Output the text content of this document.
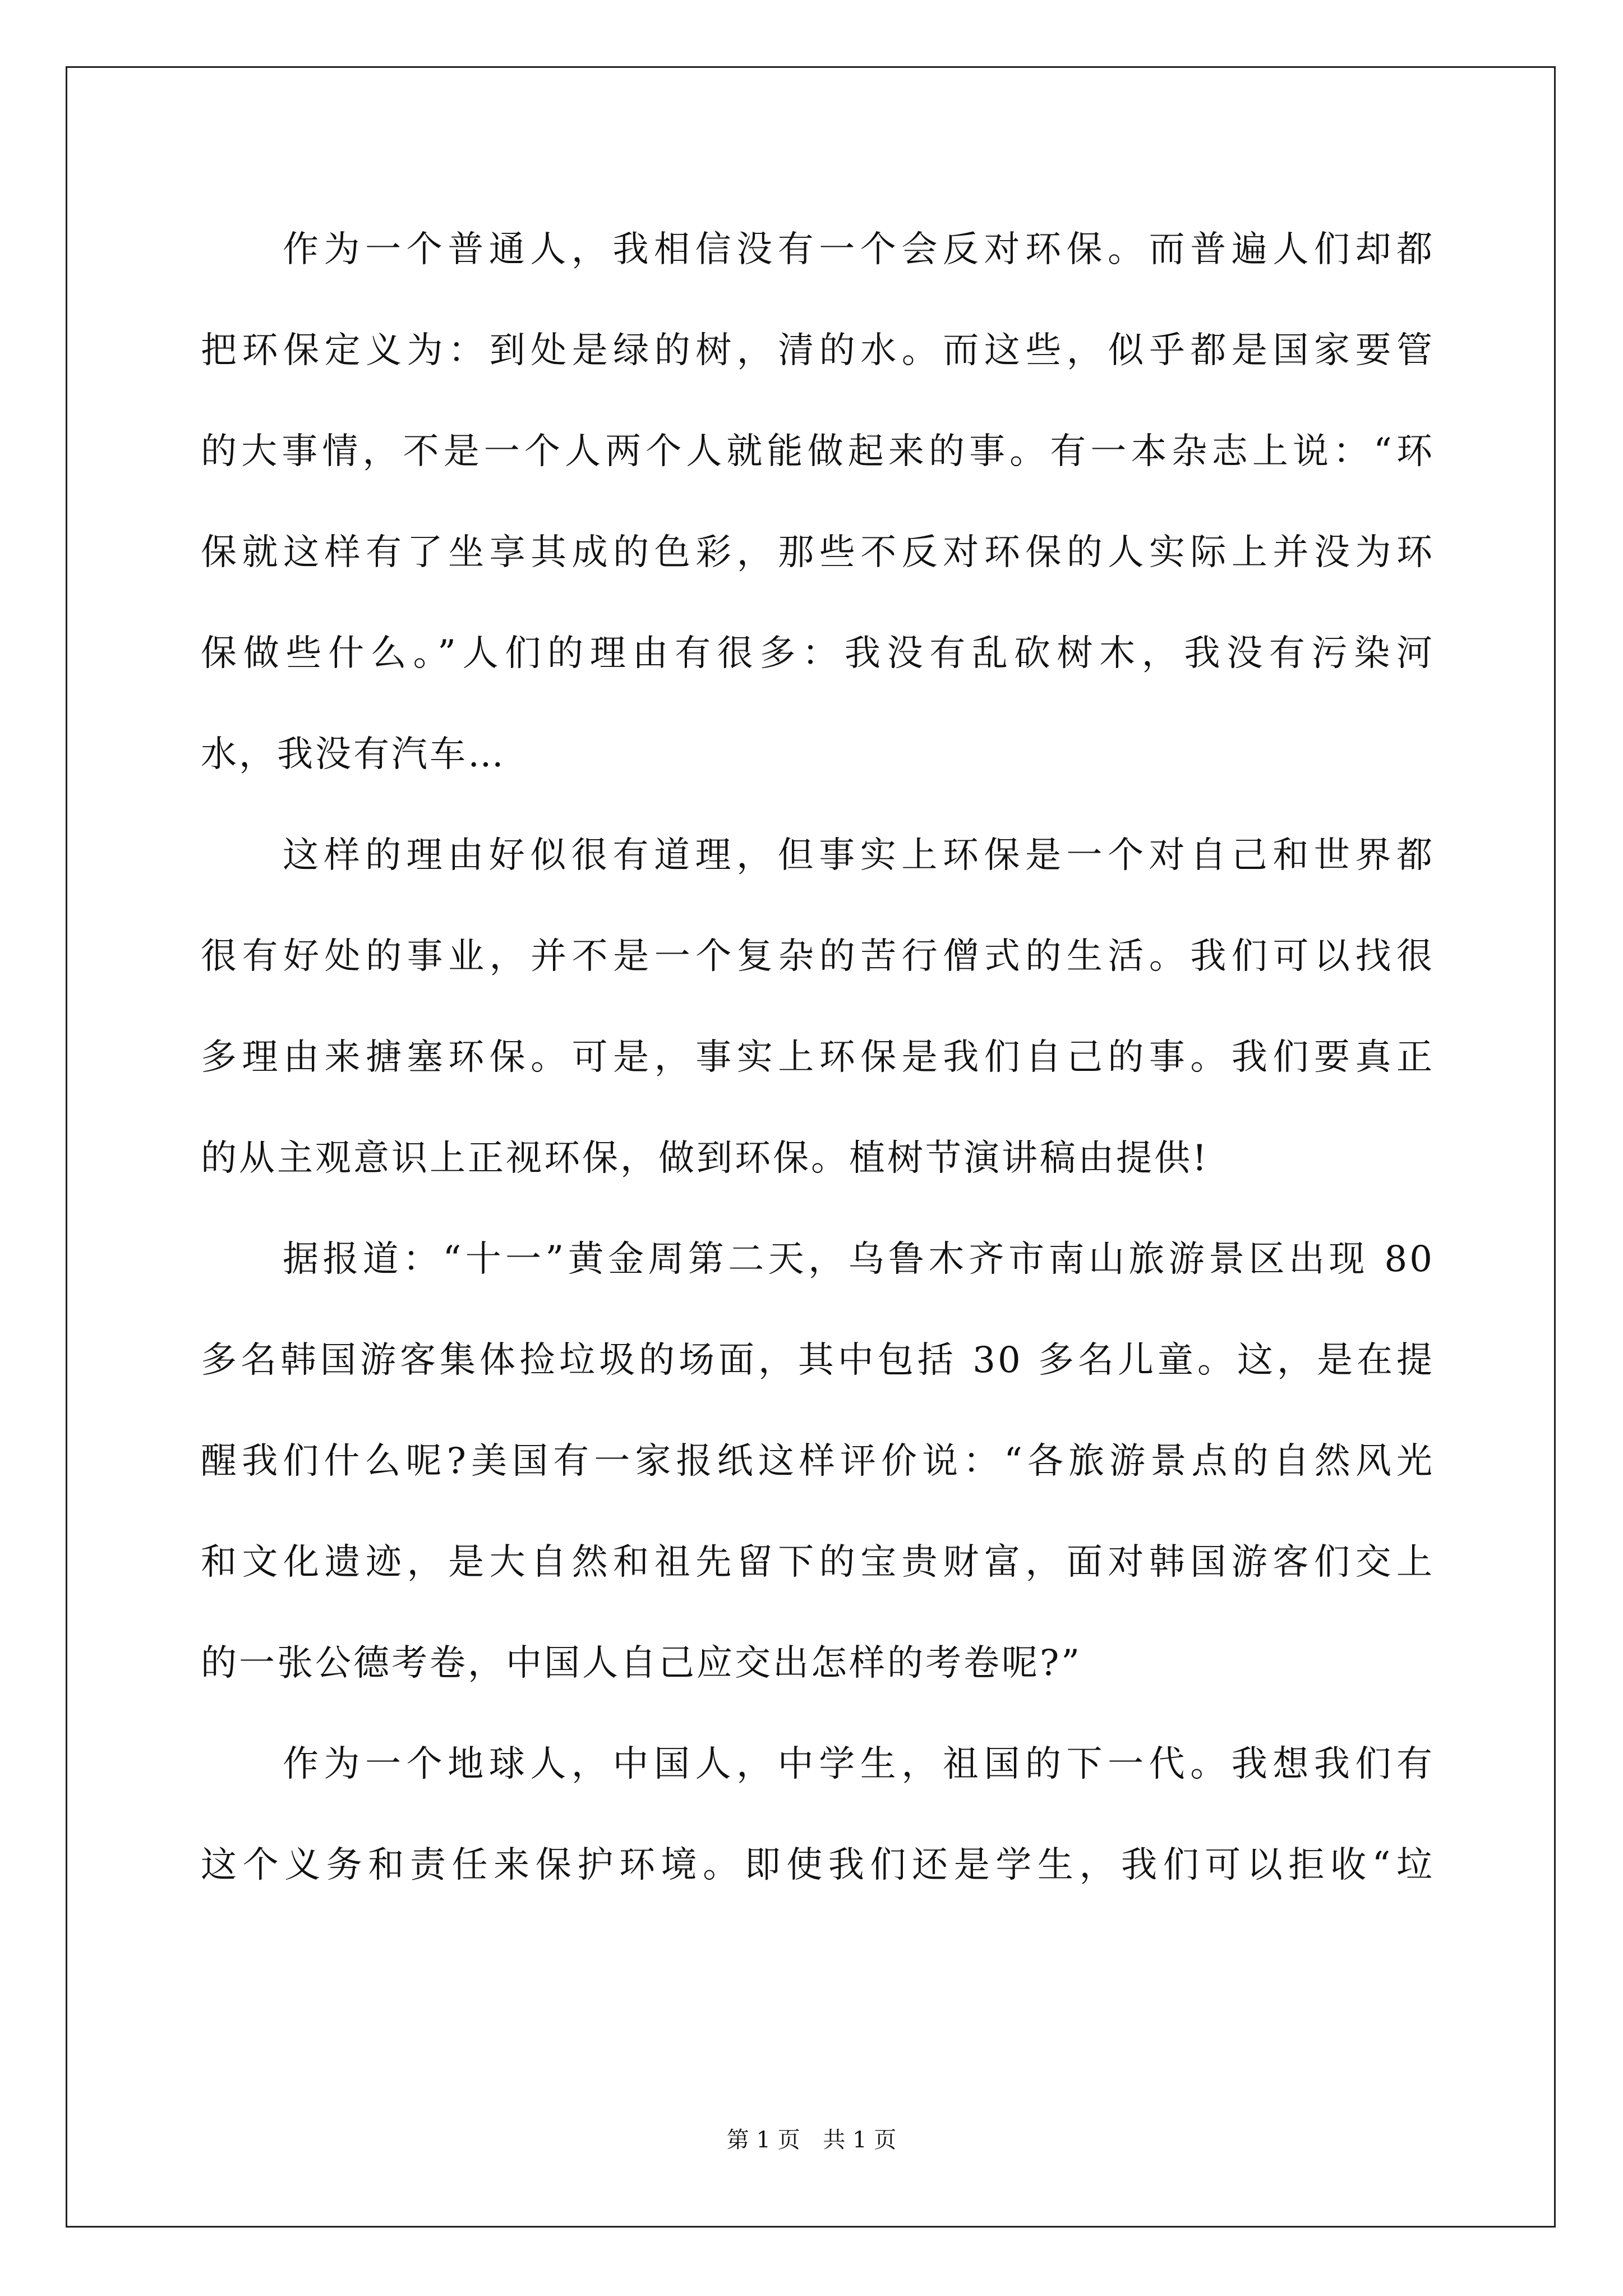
作为一个普通人，我相信没有一个会反对环保。而普遍人们却都
把环保定义为：到处是绿的树，清的水。而这些，似乎都是国家要管
的大事情，不是一个人两个人就能做起来的事。有一本杂志上说：“环
保就这样有了坐享其成的色彩，那些不反对环保的人实际上并没为环
保做些什么。”人们的理由有很多：我没有乱砍树木，我没有污染河
水，我没有汽车…
这样的理由好似很有道理，但事实上环保是一个对自己和世界都
很有好处的事业，并不是一个复杂的苦行僧式的生活。我们可以找很
多理由来搪塞环保。可是，事实上环保是我们自己的事。我们要真正
的从主观意识上正视环保，做到环保。植树节演讲稿由提供!
据报道：“十一”黄金周第二天，乌鲁木齐市南山旅游景区出现 80
多名韩国游客集体捡垃圾的场面，其中包括 30 多名儿童。这，是在提
醒我们什么呢?美国有一家报纸这样评价说：“各旅游景点的自然风光
和文化遗迹，是大自然和祖先留下的宝贵财富，面对韩国游客们交上
的一张公德考卷，中国人自己应交出怎样的考卷呢?”
作为一个地球人，中国人，中学生，祖国的下一代。我想我们有
这个义务和责任来保护环境。即使我们还是学生，我们可以拒收“垃
第 1 页 共 1 页
